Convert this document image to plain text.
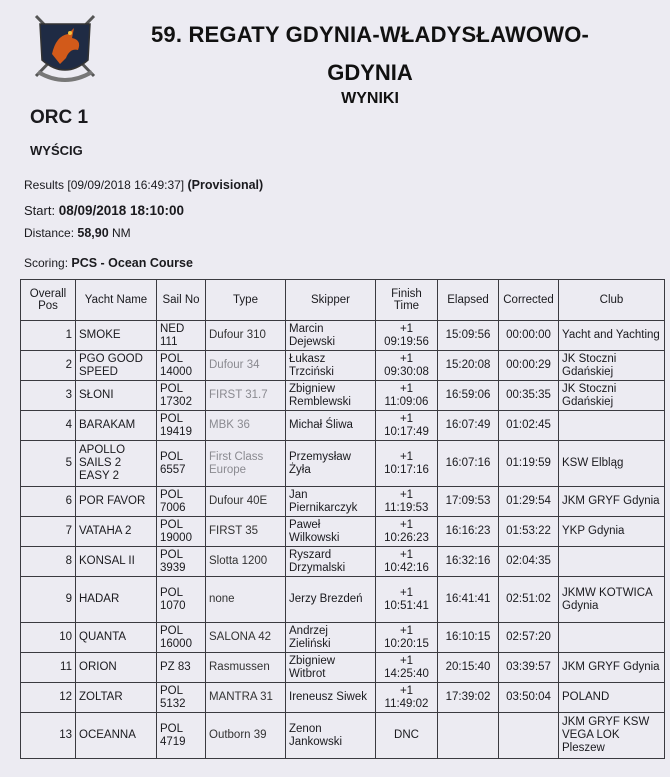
59. REGATY GDYNIA-WŁADYSŁAWOWO-
GDYNIA
WYNIKI
ORC 1
WYŚCIG
Results [09/09/2018 16:49:37] (Provisional)
Start: 08/09/2018 18:10:00
Distance: 58,90 NM
Scoring: PCS - Ocean Course
Overall Pos	Yacht Name	Sail No	Type	Skipper	Finish Time	Elapsed	Corrected	Club
1	SMOKE	NED 111	Dufour 310	Marcin Dejewski	+1 09:19:56	15:09:56	00:00:00	Yacht and Yachting
2	PGO GOOD SPEED	POL 14000	Dufour 34	Łukasz Trzciński	+1 09:30:08	15:20:08	00:00:29	JK Stoczni Gdańskiej
3	SŁONI	POL 17302	FIRST 31.7	Zbigniew Remblewski	+1 11:09:06	16:59:06	00:35:35	JK Stoczni Gdańskiej
4	BARAKAM	POL 19419	MBK 36	Michał Śliwa	+1 10:17:49	16:07:49	01:02:45	
5	APOLLO SAILS 2 EASY 2	POL 6557	First Class Europe	Przemysław Żyła	+1 10:17:16	16:07:16	01:19:59	KSW Elbląg
6	POR FAVOR	POL 7006	Dufour 40E	Jan Piernikarczyk	+1 11:19:53	17:09:53	01:29:54	JKM GRYF Gdynia
7	VATAHA 2	POL 19000	FIRST 35	Paweł Wilkowski	+1 10:26:23	16:16:23	01:53:22	YKP Gdynia
8	KONSAL II	POL 3939	Slotta 1200	Ryszard Drzymalski	+1 10:42:16	16:32:16	02:04:35	
9	HADAR	POL 1070	none	Jerzy Brezdeń	+1 10:51:41	16:41:41	02:51:02	JKMW KOTWICA Gdynia
10	QUANTA	POL 16000	SALONA 42	Andrzej Zieliński	+1 10:20:15	16:10:15	02:57:20	
11	ORION	PZ 83	Rasmussen	Zbigniew Witbrot	+1 14:25:40	20:15:40	03:39:57	JKM GRYF Gdynia
12	ZOLTAR	POL 5132	MANTRA 31	Ireneusz Siwek	+1 11:49:02	17:39:02	03:50:04	POLAND
13	OCEANNA	POL 4719	Outborn 39	Zenon Jankowski	DNC			JKM GRYF KSW VEGA LOK Pleszew
